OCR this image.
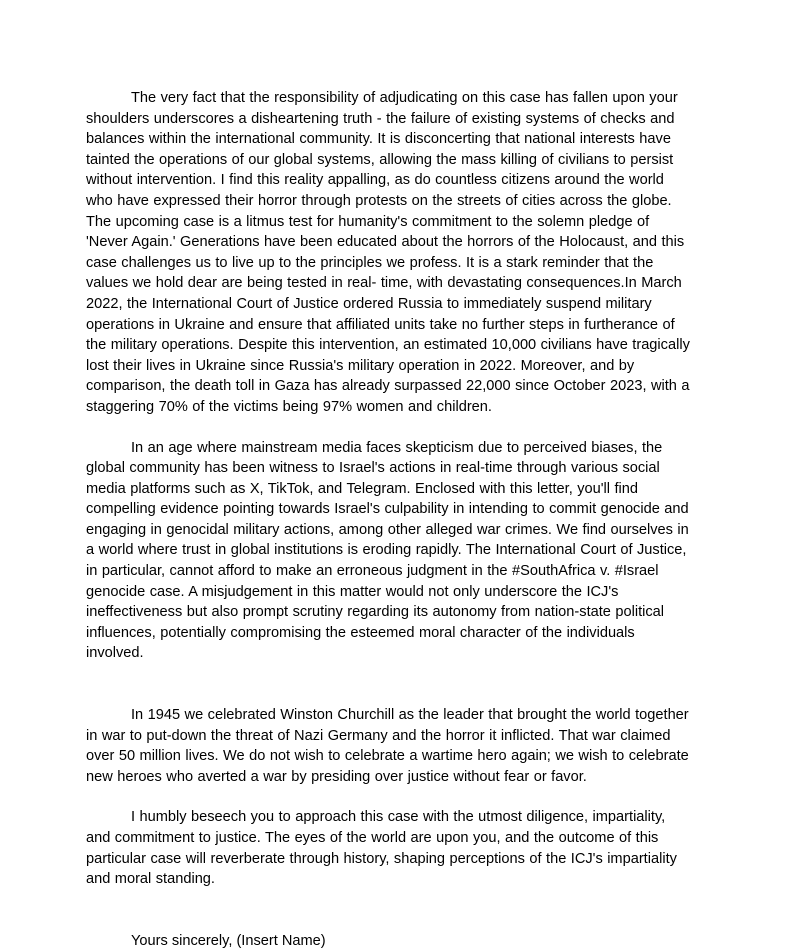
The very fact that the responsibility of adjudicating on this case has fallen upon your shoulders underscores a disheartening truth - the failure of existing systems of checks and balances within the international community. It is disconcerting that national interests have tainted the operations of our global systems, allowing the mass killing of civilians to persist without intervention. I find this reality appalling, as do countless citizens around the world who have expressed their horror through protests on the streets of cities across the globe. The upcoming case is a litmus test for humanity's commitment to the solemn pledge of 'Never Again.' Generations have been educated about the horrors of the Holocaust, and this case challenges us to live up to the principles we profess. It is a stark reminder that the values we hold dear are being tested in real- time, with devastating consequences.In March 2022, the International Court of Justice ordered Russia to immediately suspend military operations in Ukraine and ensure that affiliated units take no further steps in furtherance of the military operations. Despite this intervention, an estimated 10,000 civilians have tragically lost their lives in Ukraine since Russia's military operation in 2022. Moreover, and by comparison, the death toll in Gaza has already surpassed 22,000 since October 2023, with a staggering 70% of the victims being 97% women and children.

In an age where mainstream media faces skepticism due to perceived biases, the global community has been witness to Israel's actions in real-time through various social media platforms such as X, TikTok, and Telegram. Enclosed with this letter, you'll find compelling evidence pointing towards Israel's culpability in intending to commit genocide and engaging in genocidal military actions, among other alleged war crimes. We find ourselves in a world where trust in global institutions is eroding rapidly. The International Court of Justice, in particular, cannot afford to make an erroneous judgment in the #SouthAfrica v. #Israel genocide case. A misjudgement in this matter would not only underscore the ICJ's ineffectiveness but also prompt scrutiny regarding its autonomy from nation-state political influences, potentially compromising the esteemed moral character of the individuals involved.

In 1945 we celebrated Winston Churchill as the leader that brought the world together in war to put-down the threat of Nazi Germany and the horror it inflicted. That war claimed over 50 million lives. We do not wish to celebrate a wartime hero again; we wish to celebrate new heroes who averted a war by presiding over justice without fear or favor.

I humbly beseech you to approach this case with the utmost diligence, impartiality, and commitment to justice. The eyes of the world are upon you, and the outcome of this particular case will reverberate through history, shaping perceptions of the ICJ's impartiality and moral standing.

Yours sincerely, (Insert Name)
